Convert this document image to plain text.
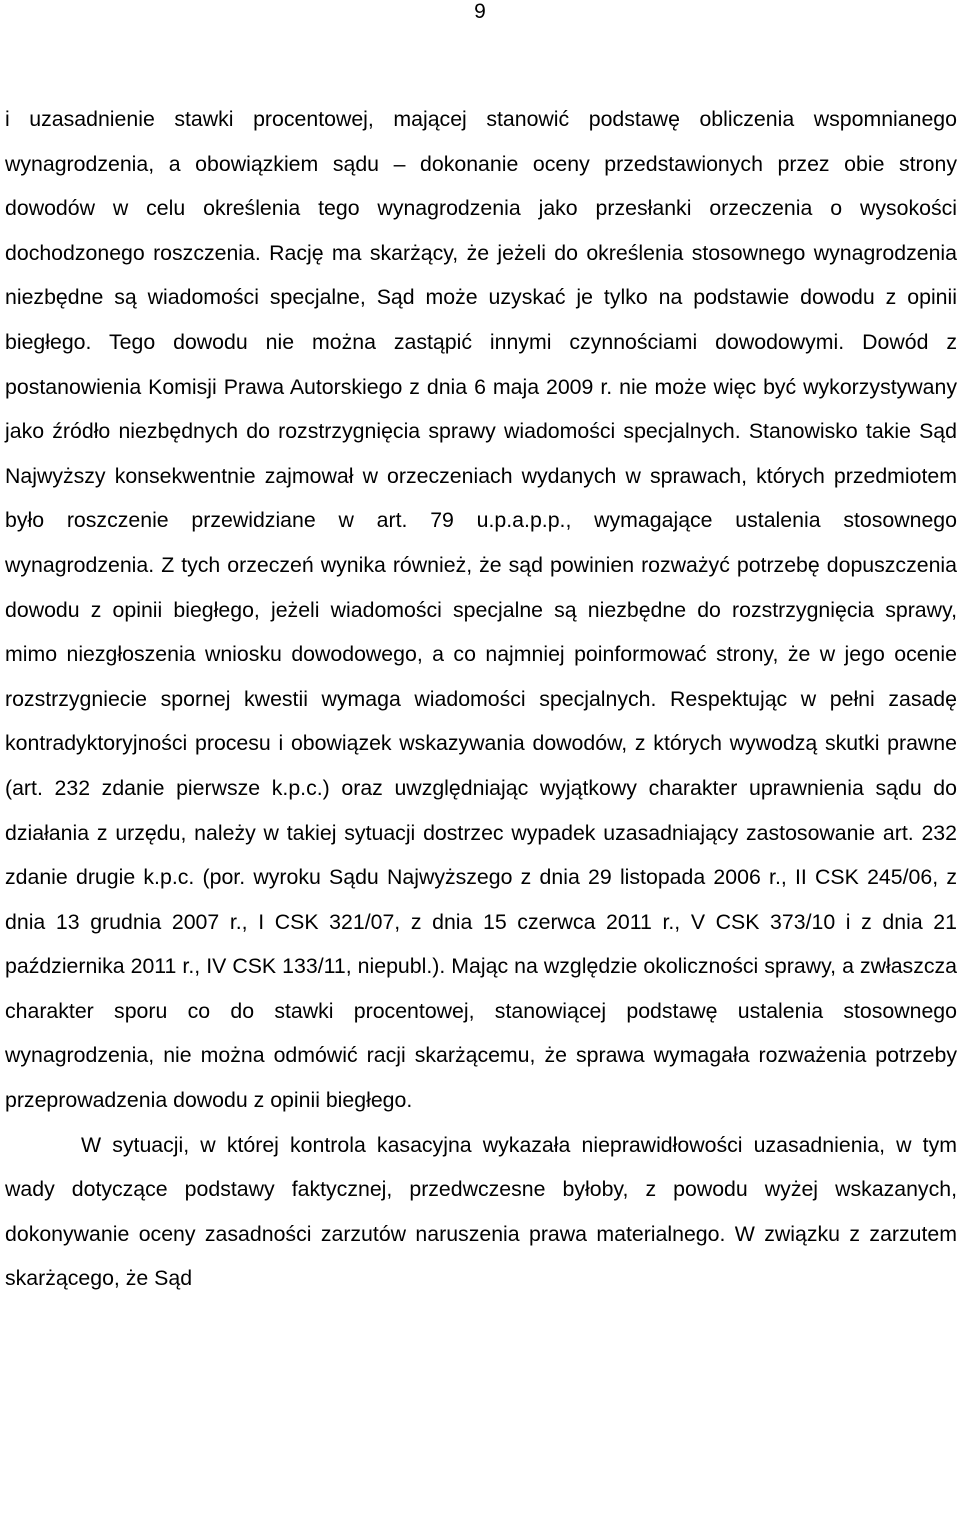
9

i uzasadnienie stawki procentowej, mającej stanowić podstawę obliczenia wspomnianego wynagrodzenia, a obowiązkiem sądu – dokonanie oceny przedstawionych przez obie strony dowodów w celu określenia tego wynagrodzenia jako przesłanki orzeczenia o wysokości dochodzonego roszczenia. Rację ma skarżący, że jeżeli do określenia stosownego wynagrodzenia niezbędne są wiadomości specjalne, Sąd może uzyskać je tylko na podstawie dowodu z opinii biegłego. Tego dowodu nie można zastąpić innymi czynnościami dowodowymi. Dowód z postanowienia Komisji Prawa Autorskiego z dnia 6 maja 2009 r. nie może więc być wykorzystywany jako źródło niezbędnych do rozstrzygnięcia sprawy wiadomości specjalnych. Stanowisko takie Sąd Najwyższy konsekwentnie zajmował w orzeczeniach wydanych w sprawach, których przedmiotem było roszczenie przewidziane w art. 79 u.p.a.p.p., wymagające ustalenia stosownego wynagrodzenia. Z tych orzeczeń wynika również, że sąd powinien rozważyć potrzebę dopuszczenia dowodu z opinii biegłego, jeżeli wiadomości specjalne są niezbędne do rozstrzygnięcia sprawy, mimo niezgłoszenia wniosku dowodowego, a co najmniej poinformować strony, że w jego ocenie rozstrzygniecie spornej kwestii wymaga wiadomości specjalnych. Respektując w pełni zasadę kontradyktoryjności procesu i obowiązek wskazywania dowodów, z których wywodzą skutki prawne (art. 232 zdanie pierwsze k.p.c.) oraz uwzględniając wyjątkowy charakter uprawnienia sądu do działania z urzędu, należy w takiej sytuacji dostrzec wypadek uzasadniający zastosowanie art. 232 zdanie drugie k.p.c. (por. wyroku Sądu Najwyższego z dnia 29 listopada 2006 r., II CSK 245/06, z dnia 13 grudnia 2007 r., I CSK 321/07, z dnia 15 czerwca 2011 r., V CSK 373/10 i z dnia 21 października 2011 r., IV CSK 133/11, niepubl.). Mając na względzie okoliczności sprawy, a zwłaszcza charakter sporu co do stawki procentowej, stanowiącej podstawę ustalenia stosownego wynagrodzenia, nie można odmówić racji skarżącemu, że sprawa wymagała rozważenia potrzeby przeprowadzenia dowodu z opinii biegłego.

W sytuacji, w której kontrola kasacyjna wykazała nieprawidłowości uzasadnienia, w tym wady dotyczące podstawy faktycznej, przedwczesne byłoby, z powodu wyżej wskazanych, dokonywanie oceny zasadności zarzutów naruszenia prawa materialnego. W związku z zarzutem skarżącego, że Sąd
